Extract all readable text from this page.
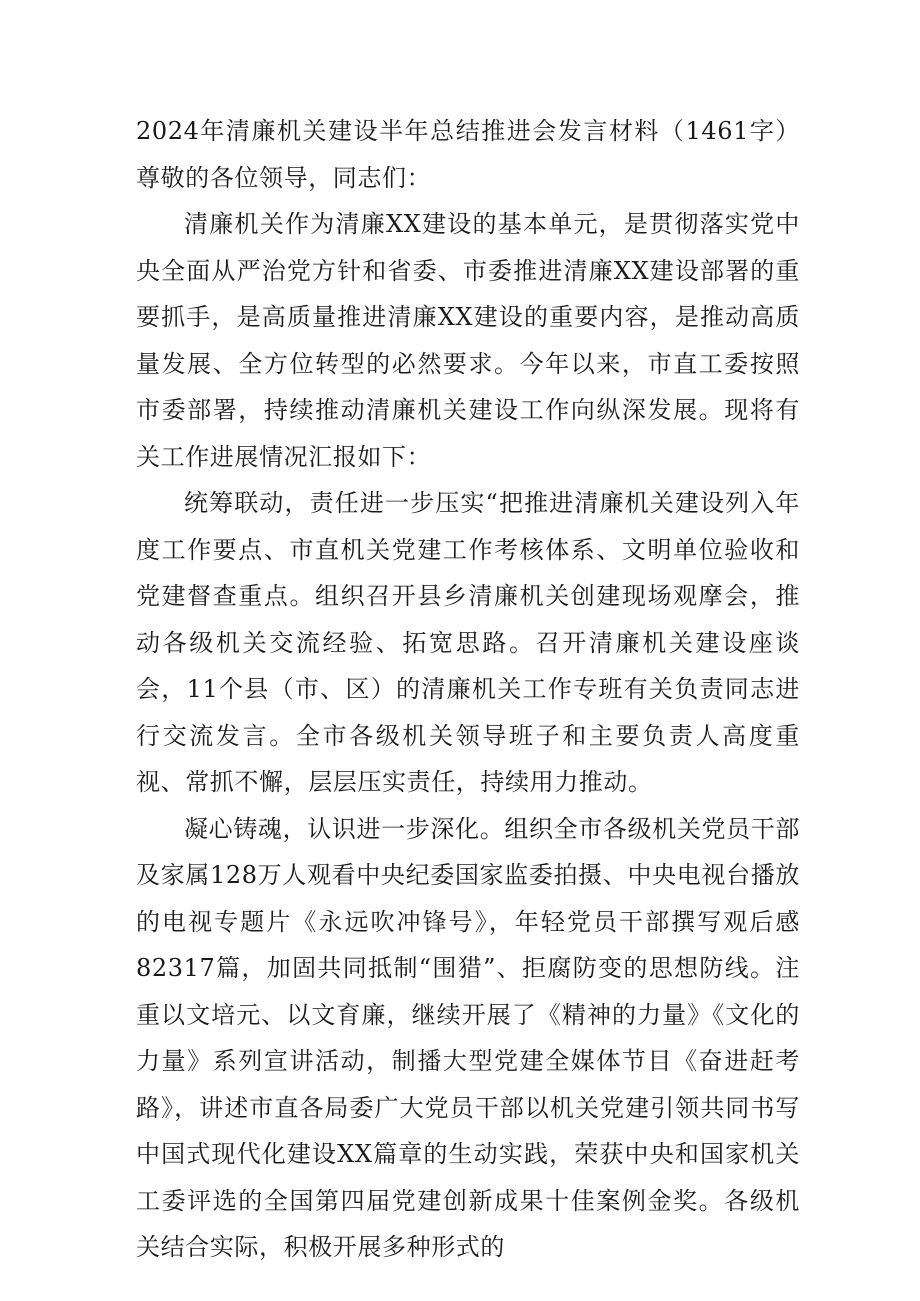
2024年清廉机关建设半年总结推进会发言材料（1461字）尊敬的各位领导，同志们：

清廉机关作为清廉XX建设的基本单元，是贯彻落实党中央全面从严治党方针和省委、市委推进清廉XX建设部署的重要抓手，是高质量推进清廉XX建设的重要内容，是推动高质量发展、全方位转型的必然要求。今年以来，市直工委按照市委部署，持续推动清廉机关建设工作向纵深发展。现将有关工作进展情况汇报如下：

统筹联动，责任进一步压实“把推进清廉机关建设列入年度工作要点、市直机关党建工作考核体系、文明单位验收和党建督查重点。组织召开县乡清廉机关创建现场观摩会，推动各级机关交流经验、拓宽思路。召开清廉机关建设座谈会，11个县（市、区）的清廉机关工作专班有关负责同志进行交流发言。全市各级机关领导班子和主要负责人高度重视、常抓不懈，层层压实责任，持续用力推动。

凝心铸魂，认识进一步深化。组织全市各级机关党员干部及家属128万人观看中央纪委国家监委拍摄、中央电视台播放的电视专题片《永远吹冲锋号》，年轻党员干部撰写观后感82317篇，加固共同抵制“围猎”、拒腐防变的思想防线。注重以文培元、以文育廉，继续开展了《精神的力量》《文化的力量》系列宣讲活动，制播大型党建全媒体节目《奋进赶考路》，讲述市直各局委广大党员干部以机关党建引领共同书写中国式现代化建设XX篇章的生动实践，荣获中央和国家机关工委评选的全国第四届党建创新成果十佳案例金奖。各级机关结合实际，积极开展多种形式的
